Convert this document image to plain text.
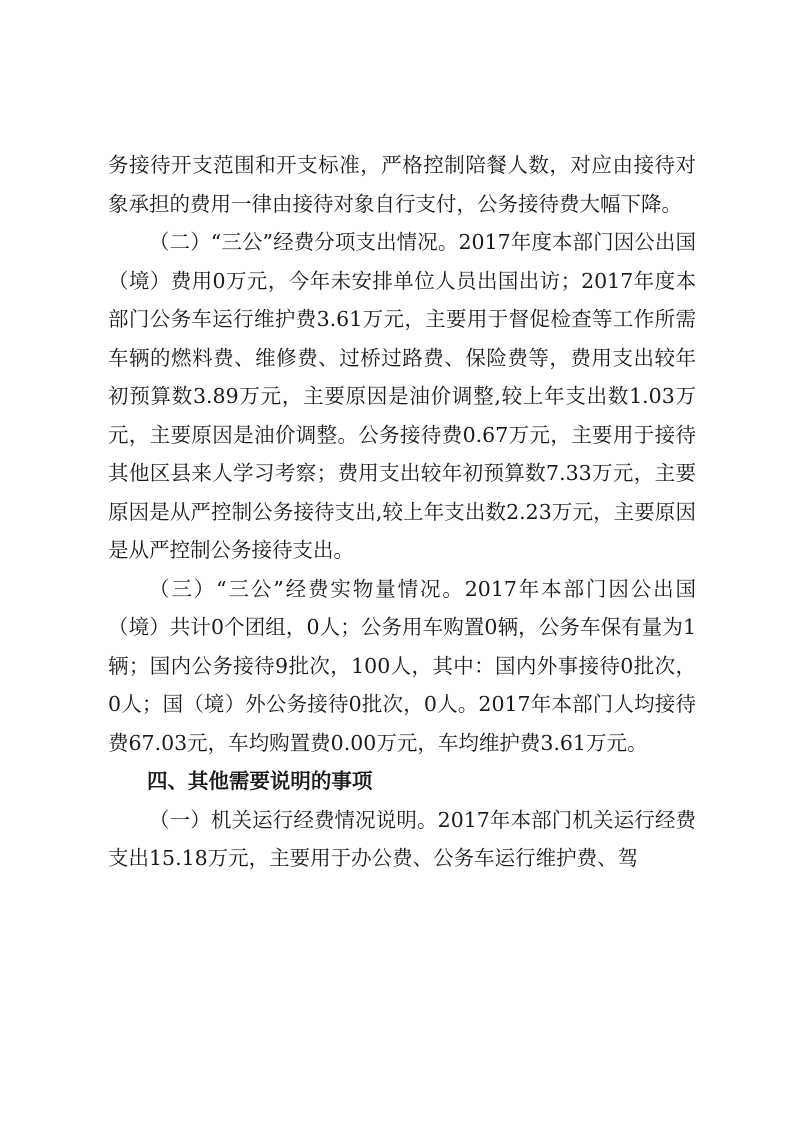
务接待开支范围和开支标准，严格控制陪餐人数，对应由接待对象承担的费用一律由接待对象自行支付，公务接待费大幅下降。

（二）“三公”经费分项支出情况。2017年度本部门因公出国（境）费用0万元，今年未安排单位人员出国出访；2017年度本部门公务车运行维护费3.61万元，主要用于督促检查等工作所需车辆的燃料费、维修费、过桥过路费、保险费等，费用支出较年初预算数3.89万元，主要原因是油价调整,较上年支出数1.03万元，主要原因是油价调整。公务接待费0.67万元，主要用于接待其他区县来人学习考察；费用支出较年初预算数7.33万元，主要原因是从严控制公务接待支出,较上年支出数2.23万元，主要原因是从严控制公务接待支出。

（三）“三公”经费实物量情况。2017年本部门因公出国（境）共计0个团组，0人；公务用车购置0辆，公务车保有量为1辆；国内公务接待9批次，100人，其中：国内外事接待0批次，0人；国（境）外公务接待0批次，0人。2017年本部门人均接待费67.03元，车均购置费0.00万元，车均维护费3.61万元。

四、其他需要说明的事项

（一）机关运行经费情况说明。2017年本部门机关运行经费支出15.18万元，主要用于办公费、公务车运行维护费、驾
